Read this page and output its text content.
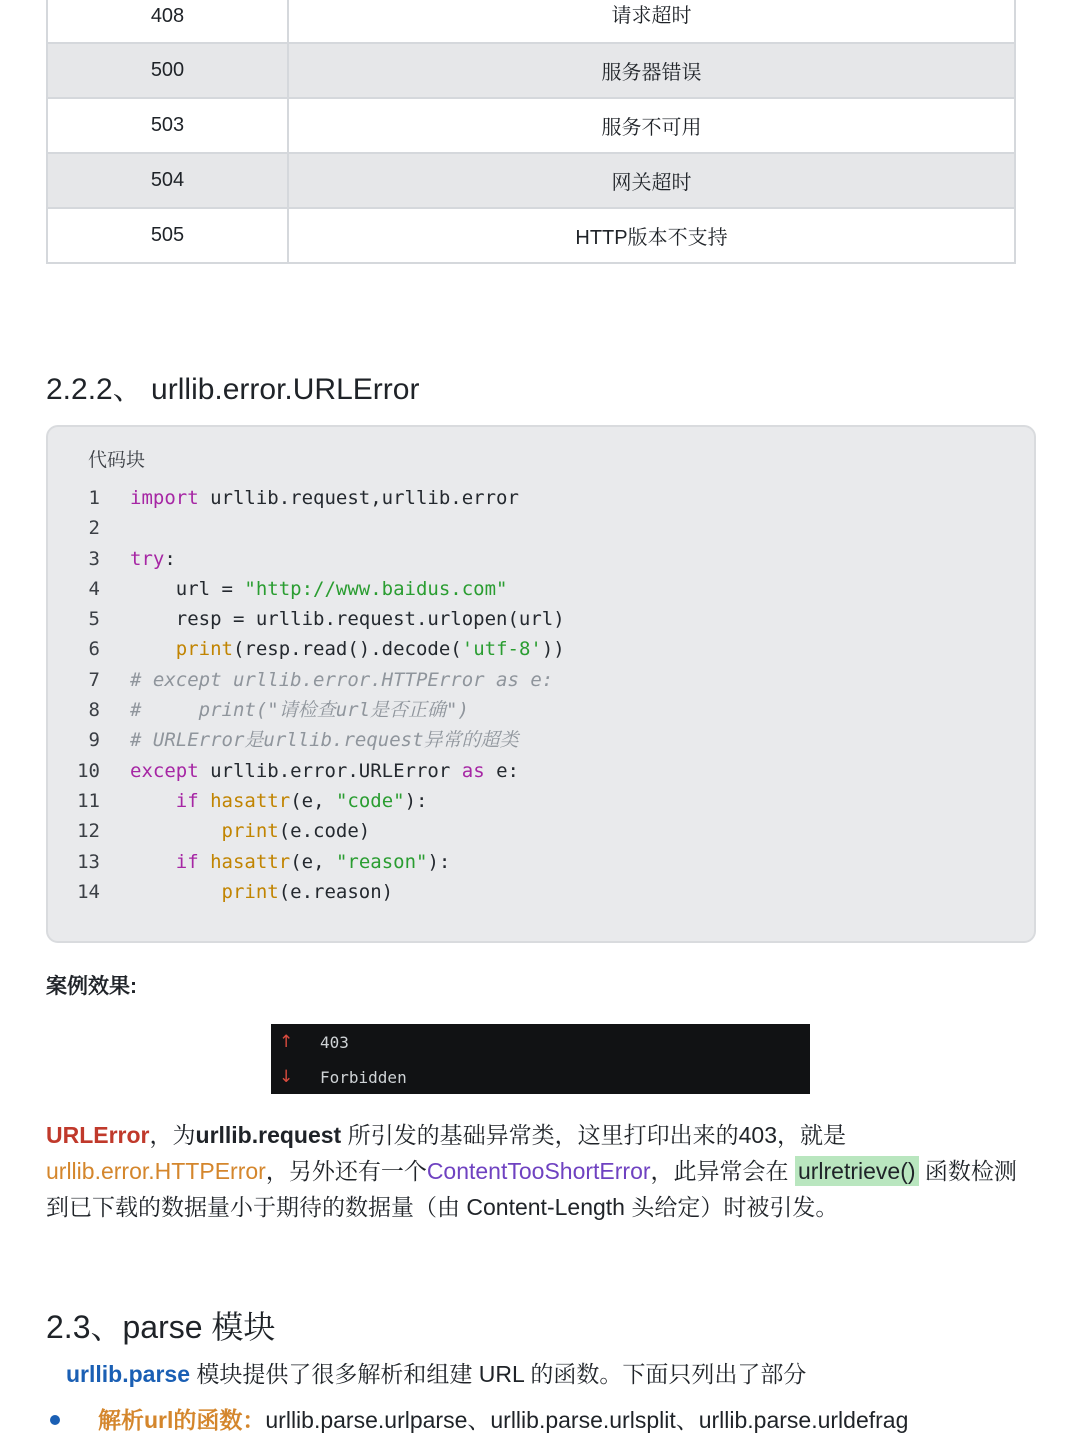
408	请求超时
500	服务器错误
503	服务不可用
504	网关超时
505	HTTP版本不支持
2.2.2、 urllib.error.URLError
代码块
1 import urllib.request,urllib.error
2
3 try:
4 url = "http://www.baidus.com"
5 resp = urllib.request.urlopen(url)
6	print(resp.read().decode('utf-8'))
7 # except urllib.error.HTTPError as e:
8 #     print("请检查url是否正确")
9 # URLError是urllib.request异常的超类
10 except urllib.error.URLError as e:
11	if hasattr(e, "code"):
12	print(e.code)
13	if hasattr(e, "reason"):
14	print(e.reason)
案例效果:
↑ 403
↓ Forbidden

URLError，为urllib.request 所引发的基础异常类，这里打印出来的403，就是
urllib.error.HTTPError，另外还有一个ContentTooShortError，此异常会在 urlretrieve() 函数检测到已下载的数据量小于期待的数据量（由 Content-Length 头给定）时被引发。

2.3、parse 模块

urllib.parse 模块提供了很多解析和组建 URL 的函数。下面只列出了部分

解析url的函数：urllib.parse.urlparse、urllib.parse.urlsplit、urllib.parse.urldefrag
